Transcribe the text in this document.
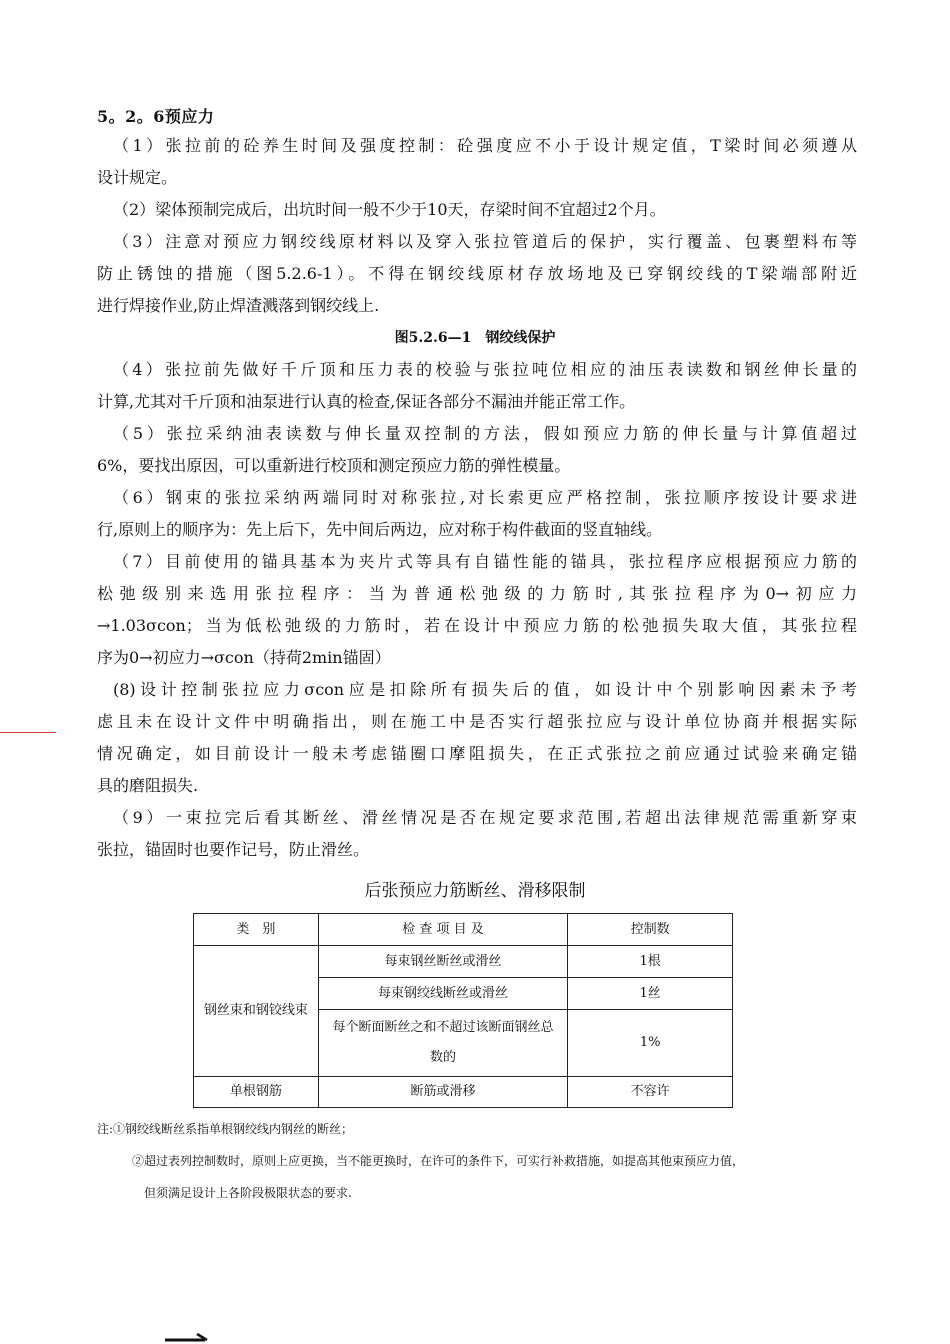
5。2。6预应力

（1）张拉前的砼养生时间及强度控制：砼强度应不小于设计规定值，T梁时间必须遵从

设计规定。

（2）梁体预制完成后，出坑时间一般不少于10天，存梁时间不宜超过2个月。

（3）注意对预应力钢绞线原材料以及穿入张拉管道后的保护，实行覆盖、包裹塑料布等

防止锈蚀的措施（图5.2.6-1）。不得在钢绞线原材存放场地及已穿钢绞线的T梁端部附近

进行焊接作业,防止焊渣溅落到钢绞线上.

图5.2.6—1　钢绞线保护

（4）张拉前先做好千斤顶和压力表的校验与张拉吨位相应的油压表读数和钢丝伸长量的

计算,尤其对千斤顶和油泵进行认真的检查,保证各部分不漏油并能正常工作。

（5）张拉采纳油表读数与伸长量双控制的方法，假如预应力筋的伸长量与计算值超过

6%，要找出原因，可以重新进行校顶和测定预应力筋的弹性模量。

（6）钢束的张拉采纳两端同时对称张拉,对长索更应严格控制，张拉顺序按设计要求进

行,原则上的顺序为：先上后下，先中间后两边，应对称于构件截面的竖直轴线。

（7）目前使用的锚具基本为夹片式等具有自锚性能的锚具，张拉程序应根据预应力筋的

松弛级别来选用张拉程序：当为普通松弛级的力筋时,其张拉程序为0→初应力

→1.03σcon；当为低松弛级的力筋时，若在设计中预应力筋的松弛损失取大值，其张拉程

序为0→初应力→σcon（持荷2min锚固）

(8)设计控制张拉应力σcon应是扣除所有损失后的值，如设计中个别影响因素未予考

虑且未在设计文件中明确指出，则在施工中是否实行超张拉应与设计单位协商并根据实际

情况确定，如目前设计一般未考虑锚圈口摩阻损失，在正式张拉之前应通过试验来确定锚

具的磨阻损失.

（9）一束拉完后看其断丝、滑丝情况是否在规定要求范围,若超出法律规范需重新穿束

张拉，锚固时也要作记号，防止滑丝。

后张预应力筋断丝、滑移限制
类　别	检 查 项 目 及	控制数
钢丝束和钢铰线束	每束钢丝断丝或滑丝	1根
	每束钢绞线断丝或滑丝	1丝
	每个断面断丝之和不超过该断面钢丝总数的	1%
单根钢筋	断筋或滑移	不容许
注:①钢绞线断丝系指单根钢绞线内钢丝的断丝；
②超过表列控制数时，原则上应更换，当不能更换时，在许可的条件下，可实行补救措施，如提高其他束预应力值，
但须满足设计上各阶段极限状态的要求.
